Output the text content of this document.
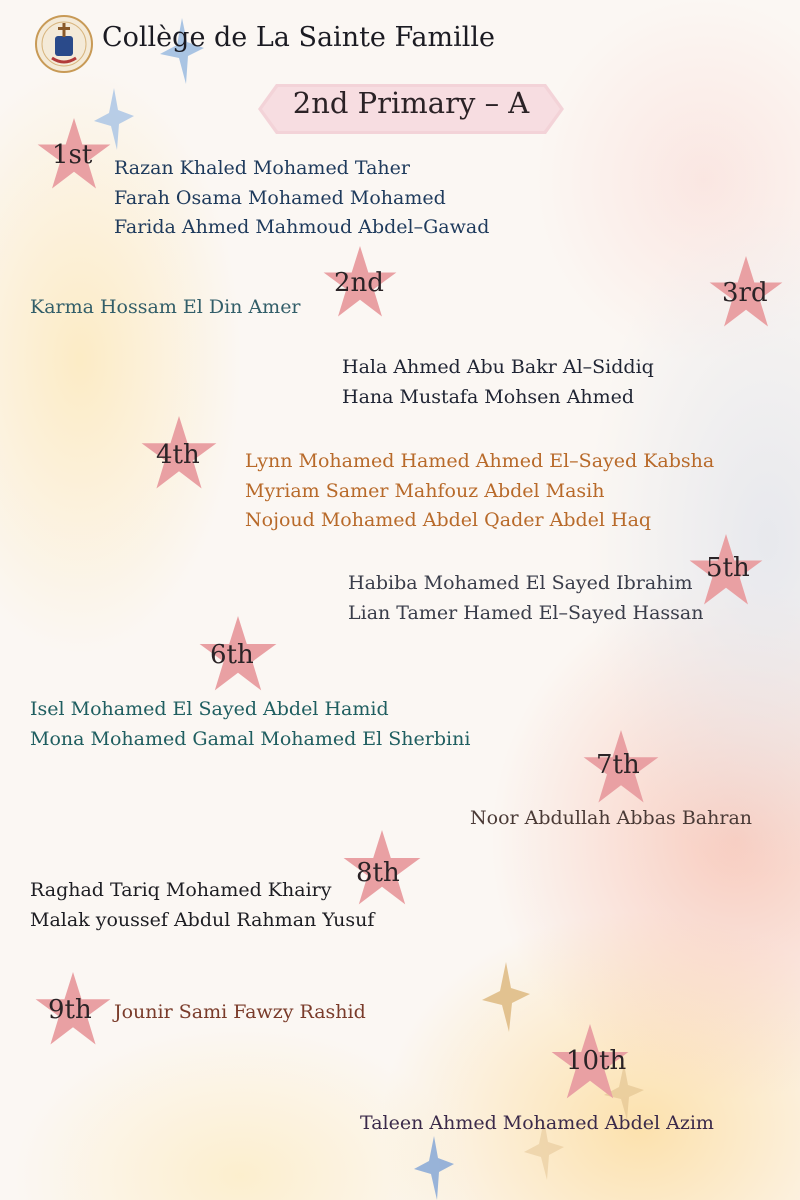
Collège de La Sainte Famille
2nd Primary – A
1st Razan Khaled Mohamed Taher
Farah Osama Mohamed Mohamed
Farida Ahmed Mahmoud Abdel–Gawad
2nd
Karma Hossam El Din Amer	3rd
Hala Ahmed Abu Bakr Al–Siddiq
Hana Mustafa Mohsen Ahmed
4th Lynn Mohamed Hamed Ahmed El–Sayed Kabsha
Myriam Samer Mahfouz Abdel Masih
Nojoud Mohamed Abdel Qader Abdel Haq
5th
Habiba Mohamed El Sayed Ibrahim
Lian Tamer Hamed El–Sayed Hassan
6th
Isel Mohamed El Sayed Abdel Hamid
Mona Mohamed Gamal Mohamed El Sherbini
7th
Noor Abdullah Abbas Bahran
8th
Raghad Tariq Mohamed Khairy
Malak youssef Abdul Rahman Yusuf
9th Jounir Sami Fawzy Rashid
10th
Taleen Ahmed Mohamed Abdel Azim
